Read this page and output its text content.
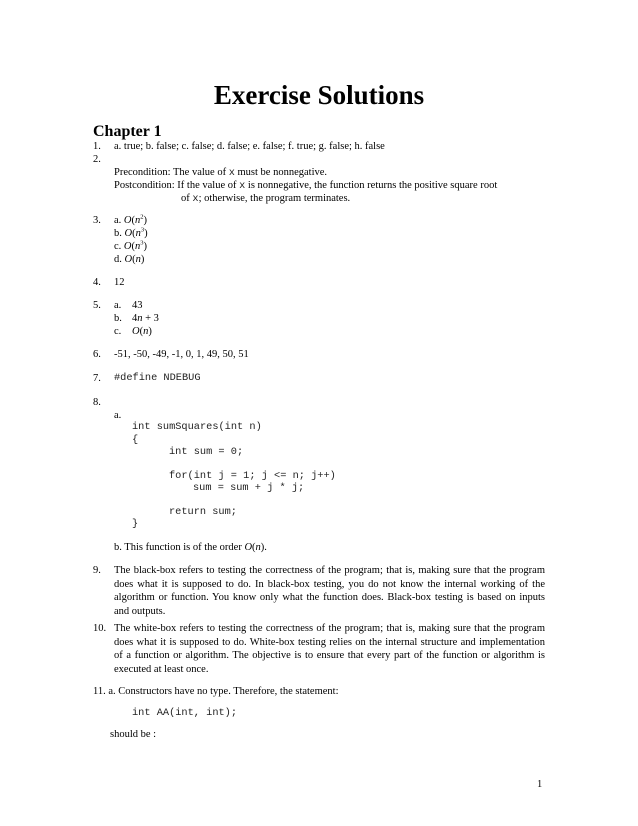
Exercise Solutions
Chapter 1
1. a. true; b. false; c. false; d. false; e. false; f. true; g. false; h. false
2.
Precondition: The value of x must be nonnegative.
Postcondition: If the value of x is nonnegative, the function returns the positive square root
of x; otherwise, the program terminates.
3. a. $O(n^2)$
b. $O(n^3)$
c. $O(n^3)$
d. O(n)
4. 12
5. a. 43
b. 4n + 3
c. O(n)
6. -51, -50, -49, -1, 0, 1, 49, 50, 51
7. #define NDEBUG
8.
a.
int sumSquares(int n)
{
int sum = 0;
for(int j = 1; j <= n; j++)
sum = sum + j * j;
return sum;
}
b. This function is of the order O(n).
9. The black-box refers to testing the correctness of the program; that is, making sure that the program does what it is supposed to do. In black-box testing, you do not know the internal working of the algorithm or function. You know only what the function does. Black-box testing is based on inputs and outputs.
10. The white-box refers to testing the correctness of the program; that is, making sure that the program does what it is supposed to do. White-box testing relies on the internal structure and implementation of a function or algorithm. The objective is to ensure that every part of the function or algorithm is executed at least once.
11. a. Constructors have no type. Therefore, the statement:
int AA(int, int);
should be :
1
